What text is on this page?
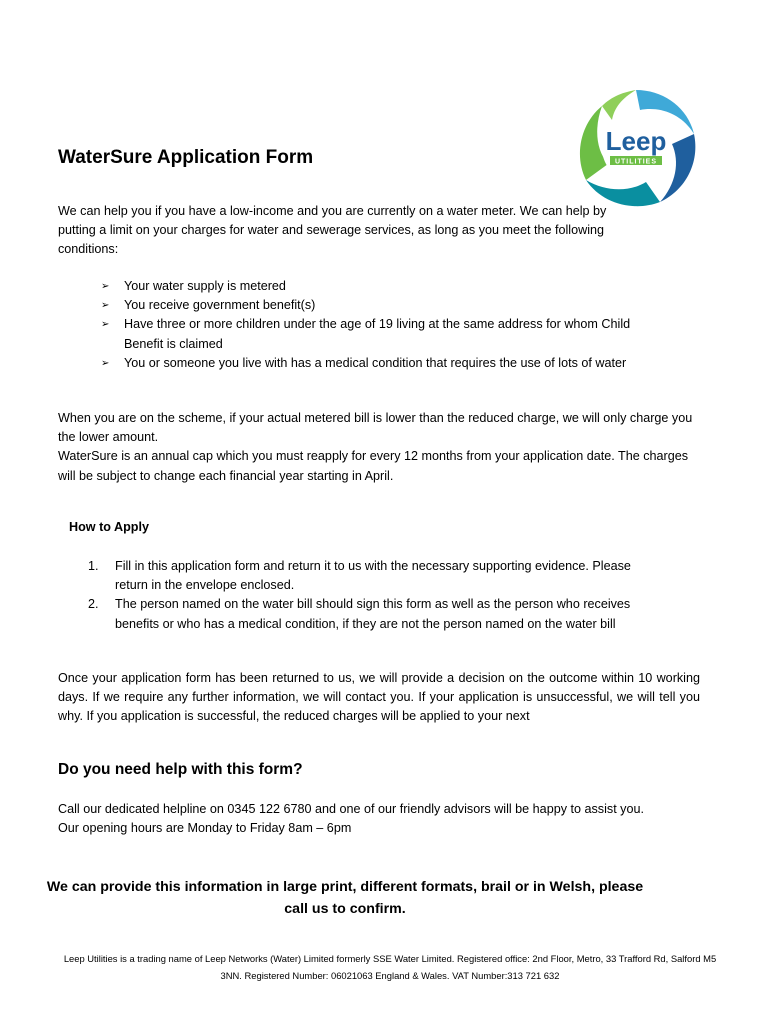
Leep
UTILITIES
WaterSure Application Form

We can help you if you have a low-income and you are currently on a water meter. We can help by putting a limit on your charges for water and sewerage services, as long as you meet the following conditions:

➢ Your water supply is metered
➢ You receive government benefit(s)
➢ Have three or more children under the age of 19 living at the same address for whom Child Benefit is claimed
➢ You or someone you live with has a medical condition that requires the use of lots of water
When you are on the scheme, if your actual metered bill is lower than the reduced charge, we will only charge you the lower amount.
WaterSure is an annual cap which you must reapply for every 12 months from your application date. The charges will be subject to change each financial year starting in April.
How to Apply
1. Fill in this application form and return it to us with the necessary supporting evidence. Please return in the envelope enclosed.
2. The person named on the water bill should sign this form as well as the person who receives benefits or who has a medical condition, if they are not the person named on the water bill

Once your application form has been returned to us, we will provide a decision on the outcome within 10 working days. If we require any further information, we will contact you. If your application is unsuccessful, we will tell you why. If you application is successful, the reduced charges will be applied to your next

Do you need help with this form?

Call our dedicated helpline on 0345 122 6780 and one of our friendly advisors will be happy to assist you. Our opening hours are Monday to Friday 8am – 6pm

We can provide this information in large print, different formats, brail or in Welsh, please call us to confirm.

Leep Utilities is a trading name of Leep Networks (Water) Limited formerly SSE Water Limited. Registered office: 2nd Floor, Metro, 33 Trafford Rd, Salford M5 3NN. Registered Number: 06021063 England & Wales. VAT Number:313 721 632
